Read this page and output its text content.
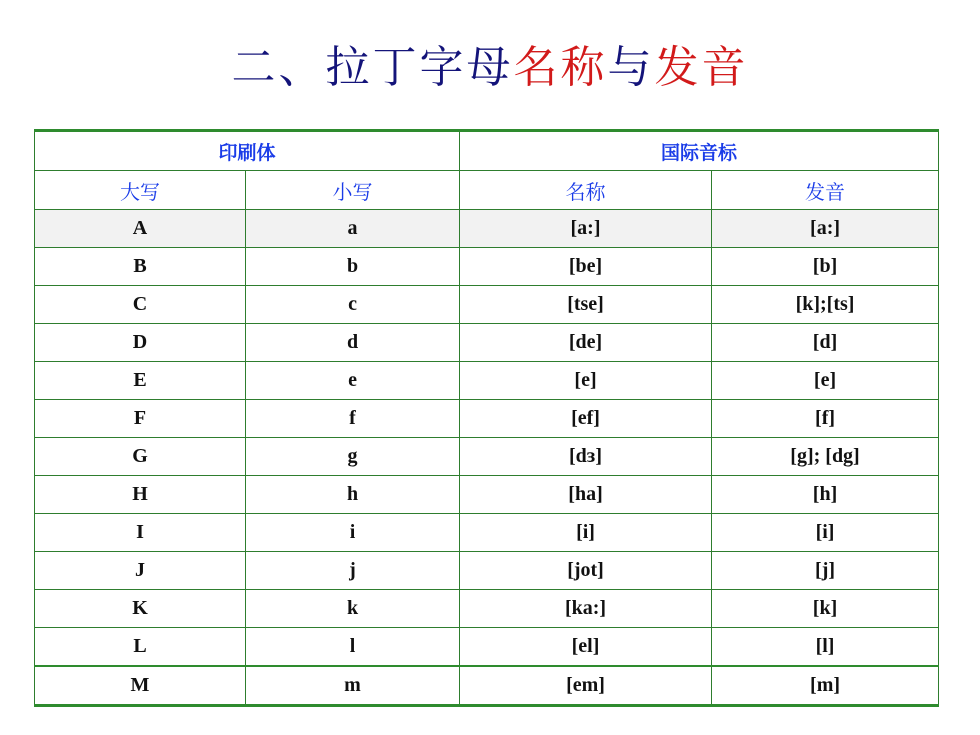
二、拉丁字母名称与发音
印刷体		国际音标	
大写	小写	名称	发音
A	a	[a:]	[a:]
B	b	[be]	[b]
C	c	[tse]	[k];[ts]
D	d	[de]	[d]
E	e	[e]	[e]
F	f	[ef]	[f]
G	g	[dɜ]	[g]; [dg]
H	h	[ha]	[h]
I	i	[i]	[i]
J	j	[jot]	[j]
K	k	[ka:]	[k]
L	l	[el]	[l]
M	m	[em]	[m]
